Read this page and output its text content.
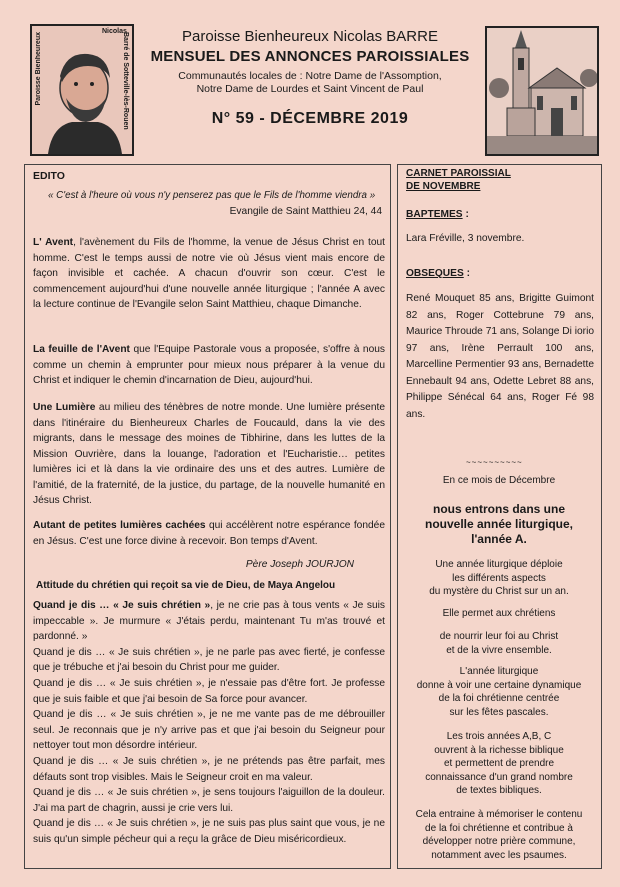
Paroisse Bienheureux
Nicolas
Barré de Sotteville-lès-Rouen	Paroisse Bienheureux Nicolas BARRE
MENSUEL DES ANNONCES PAROISSIALES
Communautés locales de : Notre Dame de l'Assomption,
Notre Dame de Lourdes et Saint Vincent de Paul
N° 59 - DÉCEMBRE 2019
EDITO
« C'est à l'heure où vous n'y penserez pas que le Fils de l'homme viendra »
Evangile de Saint Matthieu 24, 44

L' Avent, l'avènement du Fils de l'homme, la venue de Jésus Christ en tout homme. C'est le temps aussi de notre vie où Jésus vient mais encore de façon invisible et cachée. A chacun d'ouvrir son cœur. C'est le commencement aujourd'hui d'une nouvelle année liturgique ; l'année A avec la lecture continue de l'Evangile selon Saint Matthieu, chaque Dimanche.

La feuille de l'Avent que l'Equipe Pastorale vous a proposée, s'offre à nous comme un chemin à emprunter pour mieux nous préparer à la venue du Christ et indiquer le chemin d'incarnation de Dieu, aujourd'hui.

Une Lumière au milieu des ténèbres de notre monde. Une lumière présente dans l'itinéraire du Bienheureux Charles de Foucauld, dans la vie des migrants, dans le message des moines de Tibhirine, dans les luttes de la Mission Ouvrière, dans la louange, l'adoration et l'Eucharistie… petites lumières ici et là dans la vie ordinaire des uns et des autres. Lumière de l'amitié, de la fraternité, de la justice, du partage, de la nouvelle humanité en Jésus Christ.

Autant de petites lumières cachées qui accélèrent notre espérance fondée en Jésus. C'est une force divine à recevoir. Bon temps d'Avent.

Père Joseph JOURJON
Attitude du chrétien qui reçoit sa vie de Dieu, de Maya Angelou
Quand je dis … « Je suis chrétien », je ne crie pas à tous vents « Je suis impeccable ». Je murmure « J'étais perdu, maintenant Tu m'as trouvé et pardonné. »
Quand je dis … « Je suis chrétien », je ne parle pas avec fierté, je confesse que je trébuche et j'ai besoin du Christ pour me guider.
Quand je dis … « Je suis chrétien », je n'essaie pas d'être fort. Je professe que je suis faible et que j'ai besoin de Sa force pour avancer.
Quand je dis … « Je suis chrétien », je ne me vante pas de me débrouiller seul. Je reconnais que je n'y arrive pas et que j'ai besoin du Seigneur pour nettoyer tout mon désordre intérieur.
Quand je dis … « Je suis chrétien », je ne prétends pas être parfait, mes défauts sont trop visibles. Mais le Seigneur croit en ma valeur.
Quand je dis … « Je suis chrétien », je sens toujours l'aiguillon de la douleur. J'ai ma part de chagrin, aussi je crie vers lui.
Quand je dis … « Je suis chrétien », je ne suis pas plus saint que vous, je ne suis qu'un simple pécheur qui a reçu la grâce de Dieu miséricordieux.
CARNET PAROISSIAL
DE NOVEMBRE
BAPTEMES :
Lara Fréville, 3 novembre.
OBSEQUES :

René Mouquet 85 ans, Brigitte Guimont 82 ans, Roger Cottebrune 79 ans, Maurice Throude 71 ans, Solange Di iorio 97 ans, Irène Perrault 100 ans, Marcelline Permentier 93 ans, Bernadette Ennebault 94 ans, Odette Lebret 88 ans, Philippe Sénécal 64 ans, Roger Fé 98 ans.

~~~~~~~~~~
En ce mois de Décembre
nous entrons dans une
nouvelle année liturgique,
l'année A.
Une année liturgique déploie
les différents aspects
du mystère du Christ sur un an.
Elle permet aux chrétiens
de nourrir leur foi au Christ
et de la vivre ensemble.
L'année liturgique
donne à voir une certaine dynamique
de la foi chrétienne centrée
sur les fêtes pascales.
Les trois années A,B, C
ouvrent à la richesse biblique
et permettent de prendre
connaissance d'un grand nombre
de textes bibliques.
Cela entraine à mémoriser le contenu
de la foi chrétienne et contribue à
développer notre prière commune,
notamment avec les psaumes.
